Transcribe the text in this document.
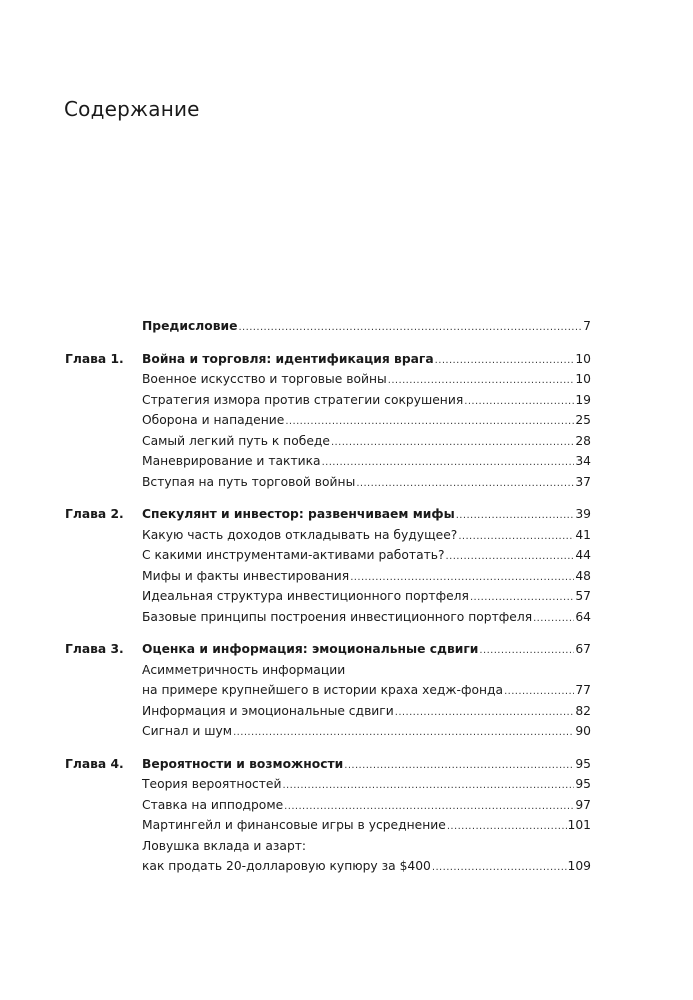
Содержание
Предисловие .....	7
Глава 1. Война и торговля: идентификация врага .....	10
Военное искусство и торговые войны .....	10
Стратегия измора против стратегии сокрушения .....	19
Оборона и нападение .....	25
Самый легкий путь к победе .....	28
Маневрирование и тактика .....	34
Вступая на путь торговой войны .....	37
Глава 2. Спекулянт и инвестор: развенчиваем мифы .....	39
Какую часть доходов откладывать на будущее? .....	41
С какими инструментами-активами работать? .....	44
Мифы и факты инвестирования .....	48
Идеальная структура инвестиционного портфеля .....	57
Базовые принципы построения инвестиционного портфеля .....	64
Глава 3. Оценка и информация: эмоциональные сдвиги .....	67
Асимметричность информации
на примере крупнейшего в истории краха хедж-фонда .....	77
Информация и эмоциональные сдвиги .....	82
Сигнал и шум .....	90
Глава 4. Вероятности и возможности .....	95
Теория вероятностей .....	95
Ставка на ипподроме .....	97
Мартингейл и финансовые игры в усреднение .....	101
Ловушка вклада и азарт:
как продать 20-долларовую купюру за $400 .....	109
